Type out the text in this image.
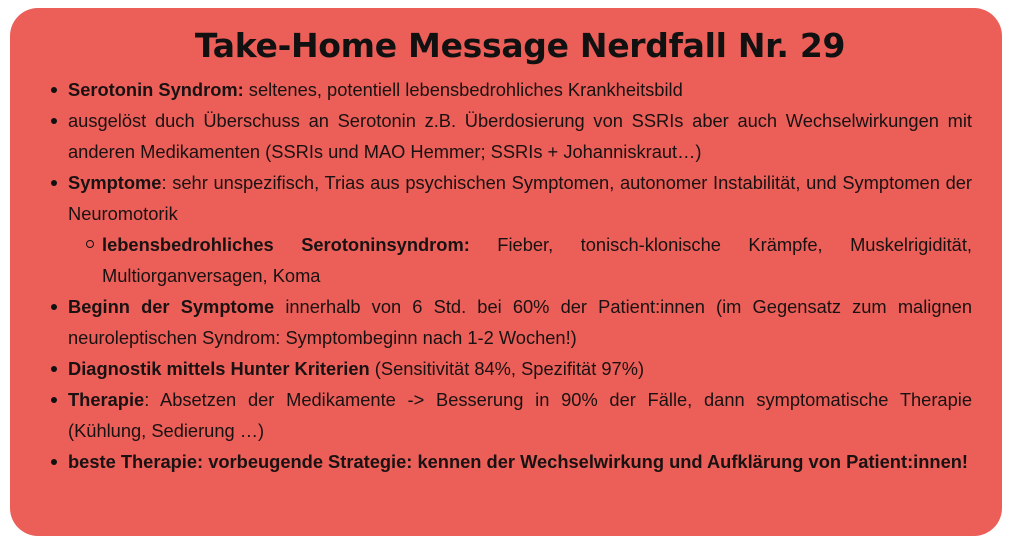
Take-Home Message Nerdfall Nr. 29
Serotonin Syndrom: seltenes, potentiell lebensbedrohliches Krankheitsbild
ausgelöst duch Überschuss an Serotonin z.B. Überdosierung von SSRIs aber auch Wechselwirkungen mit anderen Medikamenten (SSRIs und MAO Hemmer; SSRIs + Johanniskraut…)
Symptome: sehr unspezifisch, Trias aus psychischen Symptomen, autonomer Instabilität, und Symptomen der Neuromotorik
lebensbedrohliches Serotoninsyndrom: Fieber, tonisch-klonische Krämpfe, Muskelrigidität, Multiorganversagen, Koma
Beginn der Symptome innerhalb von 6 Std. bei 60% der Patient:innen (im Gegensatz zum malignen neuroleptischen Syndrom: Symptombeginn nach 1-2 Wochen!)
Diagnostik mittels Hunter Kriterien (Sensitivität 84%, Spezifität 97%)
Therapie: Absetzen der Medikamente -> Besserung in 90% der Fälle, dann symptomatische Therapie (Kühlung, Sedierung …)
beste Therapie: vorbeugende Strategie: kennen der Wechselwirkung und Aufklärung von Patient:innen!
